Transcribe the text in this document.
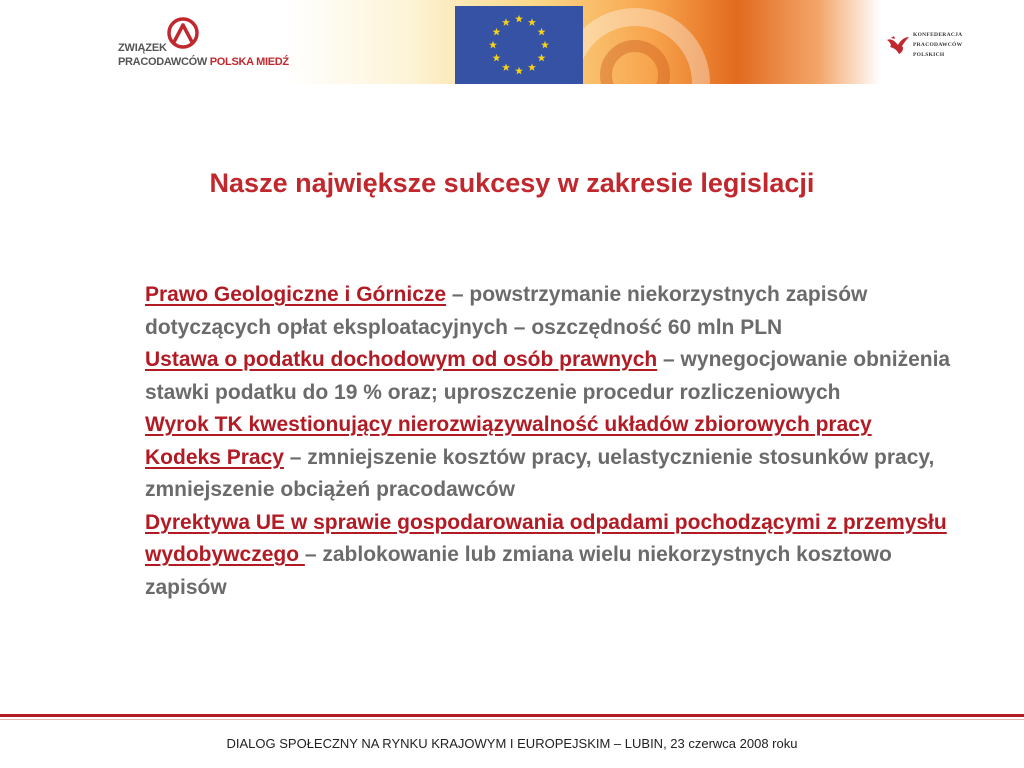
ZWIĄZEK
PRACODAWCÓW POLSKA MIEDŹ
KONFEDERACJA
PRACODAWCÓW
POLSKICH
Nasze największe sukcesy w zakresie legislacji

Prawo Geologiczne i Górnicze – powstrzymanie niekorzystnych zapisów dotyczących opłat eksploatacyjnych – oszczędność 60 mln PLN

Ustawa o podatku dochodowym od osób prawnych – wynegocjowanie obniżenia stawki podatku do 19 % oraz; uproszczenie procedur rozliczeniowych

Wyrok TK kwestionujący nierozwiązywalność układów zbiorowych pracy

Kodeks Pracy – zmniejszenie kosztów pracy, uelastycznienie stosunków pracy, zmniejszenie obciążeń pracodawców

Dyrektywa UE w sprawie gospodarowania odpadami pochodzącymi z przemysłu wydobywczego – zablokowanie lub zmiana wielu niekorzystnych kosztowo zapisów

DIALOG SPOŁECZNY NA RYNKU KRAJOWYM I EUROPEJSKIM – LUBIN, 23 czerwca 2008 roku
